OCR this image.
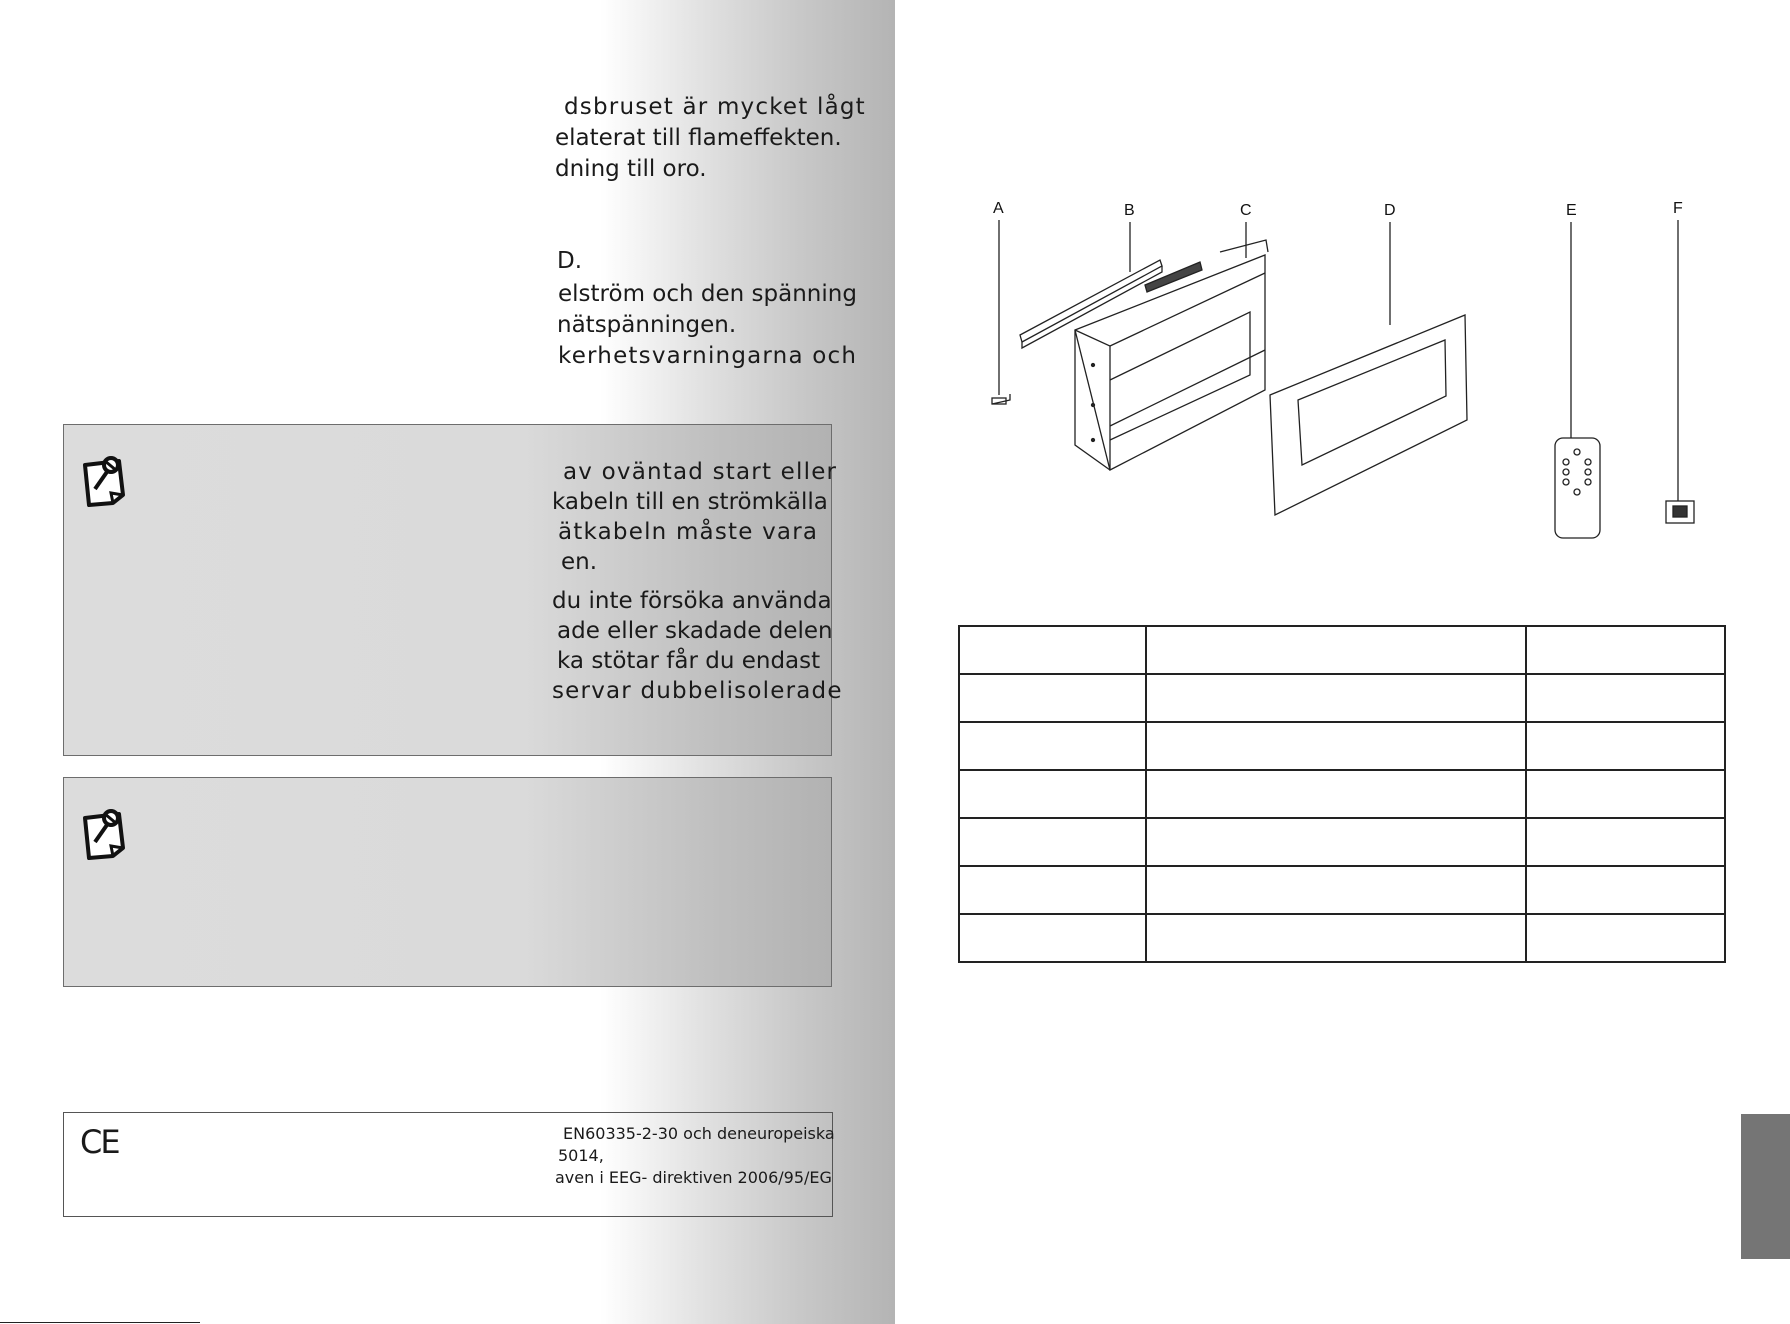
dsbruset är mycket lågt
elaterat till flameffekten.
dning till oro.
D.
elström och den spänning
nätspänningen.
kerhetsvarningarna och
av oväntad start eller
kabeln till en strömkälla
ätkabeln måste vara
en.
du inte försöka använda
ade eller skadade delen
ka stötar får du endast
servar dubbelisolerade
CE	EN60335-2-30 och deneuropeiska
5014,
aven i EEG- direktiven 2006/95/EG
A	B	C	D	E	F
